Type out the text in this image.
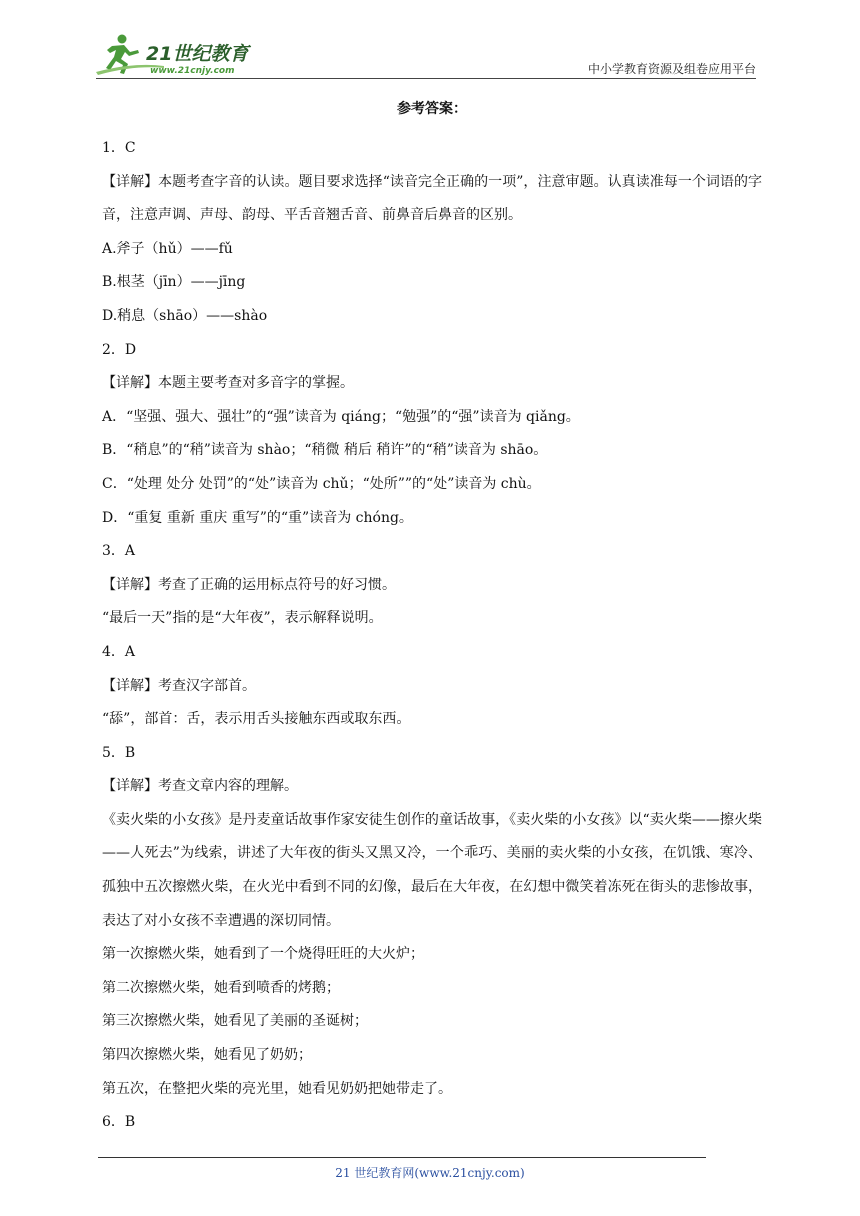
21世纪教育
www.21cnjy.com	中小学教育资源及组卷应用平台
参考答案：
1．C
【详解】本题考查字音的认读。题目要求选择“读音完全正确的一项”，注意审题。认真读准每一个词语的字音，注意声调、声母、韵母、平舌音翘舌音、前鼻音后鼻音的区别。
A.斧子（hǔ）——fǔ
B.根茎（jīn）——jīng
D.稍息（shāo）——shào
2．D
【详解】本题主要考查对多音字的掌握。
A．“坚强、强大、强壮”的“强”读音为 qiáng；“勉强”的“强”读音为 qiǎng。
B．“稍息”的“稍”读音为 shào；“稍微 稍后 稍许”的“稍”读音为 shāo。
C．“处理 处分 处罚”的“处”读音为 chǔ；“处所””的“处”读音为 chù。
D．“重复 重新 重庆 重写”的“重”读音为 chóng。
3．A
【详解】考查了正确的运用标点符号的好习惯。
“最后一天”指的是“大年夜”，表示解释说明。
4．A
【详解】考查汉字部首。
“舔”，部首：舌，表示用舌头接触东西或取东西。
5．B
【详解】考查文章内容的理解。
《卖火柴的小女孩》是丹麦童话故事作家安徒生创作的童话故事，《卖火柴的小女孩》以“卖火柴——擦火柴——人死去”为线索，讲述了大年夜的街头又黑又冷，一个乖巧、美丽的卖火柴的小女孩，在饥饿、寒冷、孤独中五次擦燃火柴，在火光中看到不同的幻像，最后在大年夜，在幻想中微笑着冻死在街头的悲惨故事，表达了对小女孩不幸遭遇的深切同情。
第一次擦燃火柴，她看到了一个烧得旺旺的大火炉；
第二次擦燃火柴，她看到喷香的烤鹅；
第三次擦燃火柴，她看见了美丽的圣诞树；
第四次擦燃火柴，她看见了奶奶；
第五次，在整把火柴的亮光里，她看见奶奶把她带走了。
6．B
21 世纪教育网(www.21cnjy.com)
